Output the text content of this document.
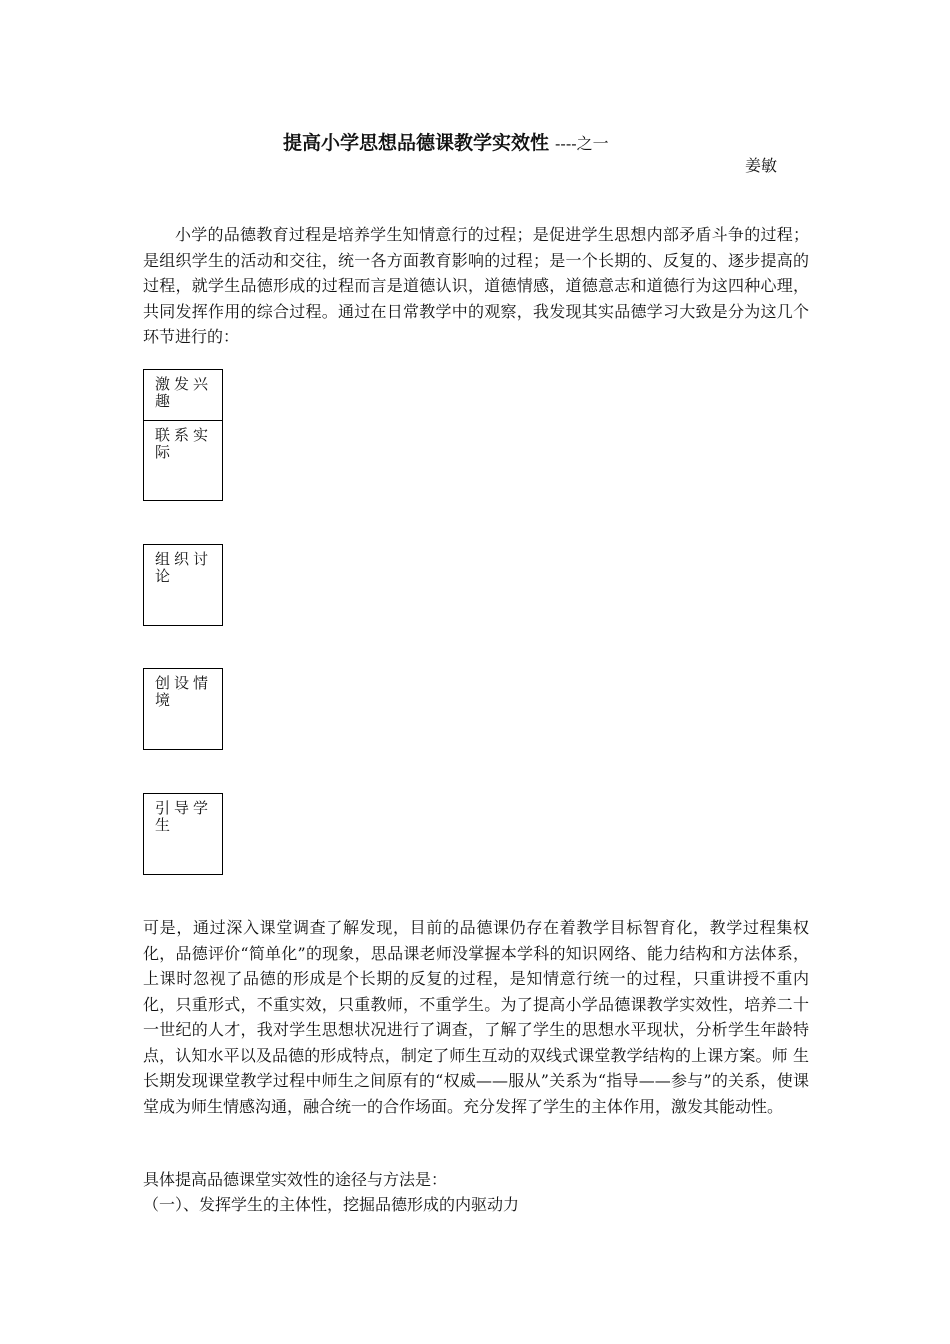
提高小学思想品德课教学实效性 ----之一
姜敏
小学的品德教育过程是培养学生知情意行的过程；是促进学生思想内部矛盾斗争的过程；是组织学生的活动和交往，统一各方面教育影响的过程；是一个长期的、反复的、逐步提高的过程，就学生品德形成的过程而言是道德认识，道德情感，道德意志和道德行为这四种心理，共同发挥作用的综合过程。通过在日常教学中的观察，我发现其实品德学习大致是分为这几个环节进行的：
激发兴趣
联系实际
组织讨论
创设情境
引导学生
可是，通过深入课堂调查了解发现，目前的品德课仍存在着教学目标智育化，教学过程集权化，品德评价“简单化”的现象，思品课老师没掌握本学科的知识网络、能力结构和方法体系，上课时忽视了品德的形成是个长期的反复的过程，是知情意行统一的过程，只重讲授不重内化，只重形式，不重实效，只重教师，不重学生。为了提高小学品德课教学实效性，培养二十一世纪的人才，我对学生思想状况进行了调查，了解了学生的思想水平现状，分析学生年龄特点，认知水平以及品德的形成特点，制定了师生互动的双线式课堂教学结构的上课方案。师 生长期发现课堂教学过程中师生之间原有的“权威——服从”关系为“指导——参与”的关系，使课堂成为师生情感沟通，融合统一的合作场面。充分发挥了学生的主体作用，激发其能动性。
具体提高品德课堂实效性的途径与方法是：
（一）、发挥学生的主体性，挖掘品德形成的内驱动力
